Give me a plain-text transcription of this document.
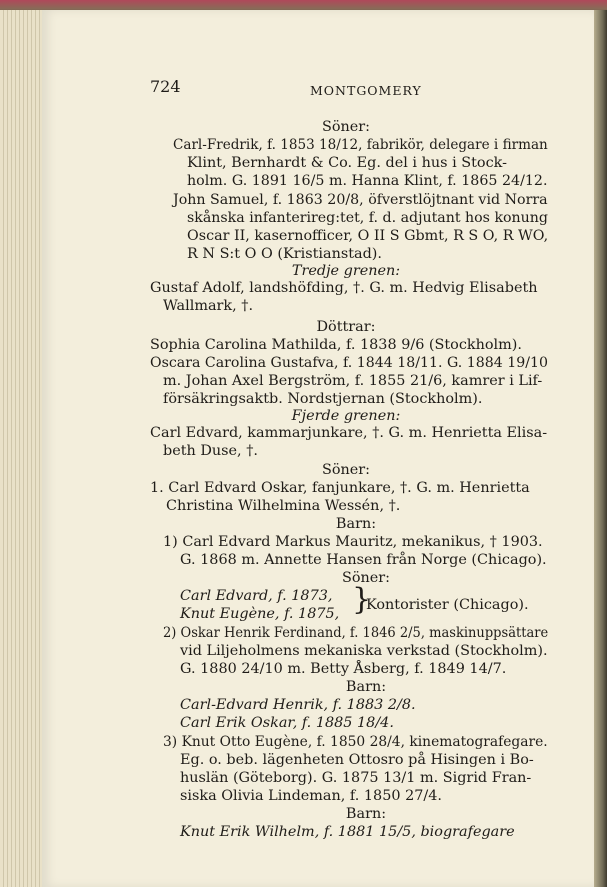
724	MONTGOMERY
Söner:
Carl-Fredrik, f. 1853 18/12, fabrikör, delegare i firman
Klint, Bernhardt & Co. Eg. del i hus i Stock-
holm. G. 1891 16/5 m. Hanna Klint, f. 1865 24/12.
John Samuel, f. 1863 20/8, öfverstlöjtnant vid Norra
skånska infanterireg:tet, f. d. adjutant hos konung
Oscar II, kasernofficer, O II S Gbmt, R S O, R WO,
R N S:t O O (Kristianstad).
Tredje grenen:
Gustaf Adolf, landshöfding, †. G. m. Hedvig Elisabeth
Wallmark, †.
Döttrar:
Sophia Carolina Mathilda, f. 1838 9/6 (Stockholm).
Oscara Carolina Gustafva, f. 1844 18/11. G. 1884 19/10
m. Johan Axel Bergström, f. 1855 21/6, kamrer i Lif-
försäkringsaktb. Nordstjernan (Stockholm).
Fjerde grenen:
Carl Edvard, kammarjunkare, †. G. m. Henrietta Elisa-
beth Duse, †.
Söner:
1. Carl Edvard Oskar, fanjunkare, †. G. m. Henrietta
Christina Wilhelmina Wessén, †.
Barn:
1) Carl Edvard Markus Mauritz, mekanikus, † 1903.
G. 1868 m. Annette Hansen från Norge (Chicago).
Söner:
Carl Edvard, f. 1873,
Knut Eugène, f. 1875, }
Kontorister (Chicago).
2) Oskar Henrik Ferdinand, f. 1846 2/5, maskinuppsättare
vid Liljeholmens mekaniska verkstad (Stockholm).
G. 1880 24/10 m. Betty Åsberg, f. 1849 14/7.
Barn:
Carl-Edvard Henrik, f. 1883 2/8.
Carl Erik Oskar, f. 1885 18/4.
3) Knut Otto Eugène, f. 1850 28/4, kinematografegare.
Eg. o. beb. lägenheten Ottosro på Hisingen i Bo-
huslän (Göteborg). G. 1875 13/1 m. Sigrid Fran-
siska Olivia Lindeman, f. 1850 27/4.
Barn:
Knut Erik Wilhelm, f. 1881 15/5, biografegare
